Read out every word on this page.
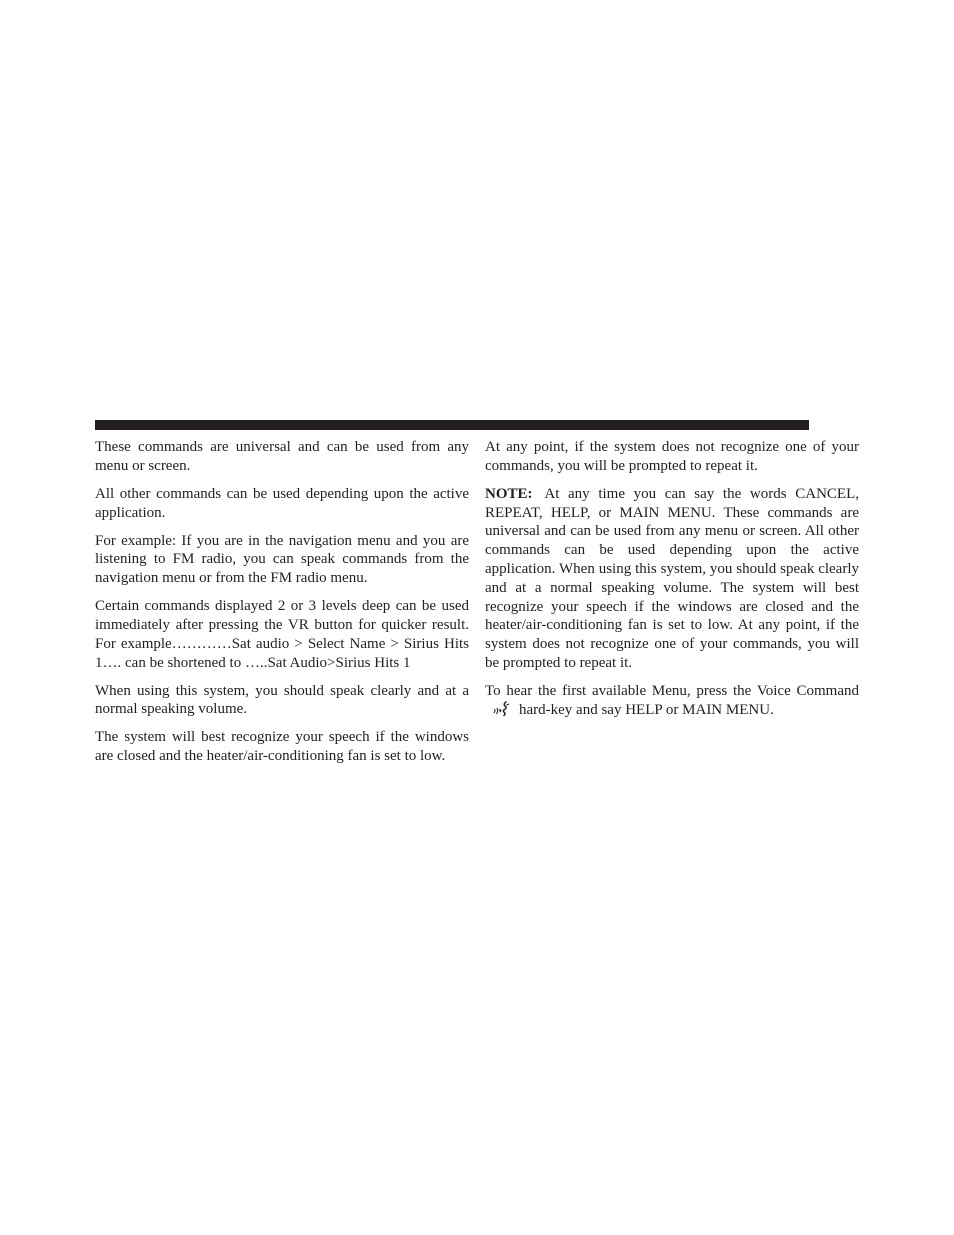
These commands are universal and can be used from any menu or screen.

All other commands can be used depending upon the active application.

For example: If you are in the navigation menu and you are listening to FM radio, you can speak commands from the navigation menu or from the FM radio menu.

Certain commands displayed 2 or 3 levels deep can be used immediately after pressing the VR button for quicker result. For example…………Sat audio > Select Name > Sirius Hits 1…. can be shortened to …..Sat Audio>Sirius Hits 1

When using this system, you should speak clearly and at a normal speaking volume.

The system will best recognize your speech if the windows are closed and the heater/air-conditioning fan is set to low.

At any point, if the system does not recognize one of your commands, you will be prompted to repeat it.

NOTE: At any time you can say the words CANCEL, REPEAT, HELP, or MAIN MENU. These commands are universal and can be used from any menu or screen. All other commands can be used depending upon the active application. When using this system, you should speak clearly and at a normal speaking volume. The system will best recognize your speech if the windows are closed and the heater/air-conditioning fan is set to low. At any point, if the system does not recognize one of your commands, you will be prompted to repeat it.

To hear the first available Menu, press the Voice Command
hard-key and say HELP or MAIN MENU.
